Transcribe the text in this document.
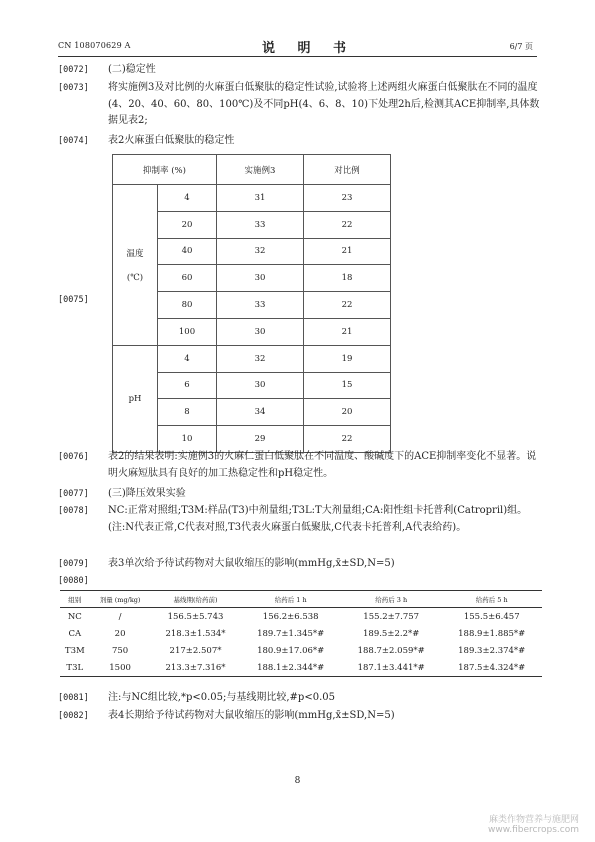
CN 108070629 A	说 明 书	6/7 页
[0072] (二)稳定性
[0073] 将实施例3及对比例的火麻蛋白低聚肽的稳定性试验,试验将上述两组火麻蛋白低聚肽在不同的温度(4、20、40、60、80、100℃)及不同pH(4、6、8、10)下处理2h后,检测其ACE抑制率,具体数据见表2;
[0074] 表2火麻蛋白低聚肽的稳定性
[0075]
抑制率 (%)		实施例3	对比例

温度
(℃)	4	31	23
	20	33	22
	40	32	21
	60	30	18
	80	33	22
	100	30	21
pH	4	32	19
	6	30	15
	8	34	20
	10	29	22
[0076] 表2的结果表明:实施例3的火麻仁蛋白低聚肽在不同温度、酸碱度下的ACE抑制率变化不显著。说明火麻短肽具有良好的加工热稳定性和pH稳定性。
[0077] (三)降压效果实验
[0078] NC:正常对照组;T3M:样品(T3)中剂量组;T3L:T大剂量组;CA:阳性组卡托普利(Catropril)组。(注:N代表正常,C代表对照,T3代表火麻蛋白低聚肽,C代表卡托普利,A代表给药)。
[0079] 表3单次给予待试药物对大鼠收缩压的影响(mmHg,x̄±SD,N=5)
[0080]
组别	剂量 (mg/kg)	基线期(给药前)	给药后 1 h	给药后 3 h	给药后 5 h
NC	/	156.5±5.743	156.2±6.538	155.2±7.757	155.5±6.457
CA	20	218.3±1.534*	189.7±1.345*#	189.5±2.2*#	188.9±1.885*#
T3M	750	217±2.507*	180.9±17.06*#	188.7±2.059*#	189.3±2.374*#
T3L	1500	213.3±7.316*	188.1±2.344*#	187.1±3.441*#	187.5±4.324*#
[0081] 注:与NC组比较,*p<0.05;与基线期比较,#p<0.05
[0082] 表4长期给予待试药物对大鼠收缩压的影响(mmHg,x̄±SD,N=5)
8
麻类作物营养与施肥网
www.fibercrops.com
